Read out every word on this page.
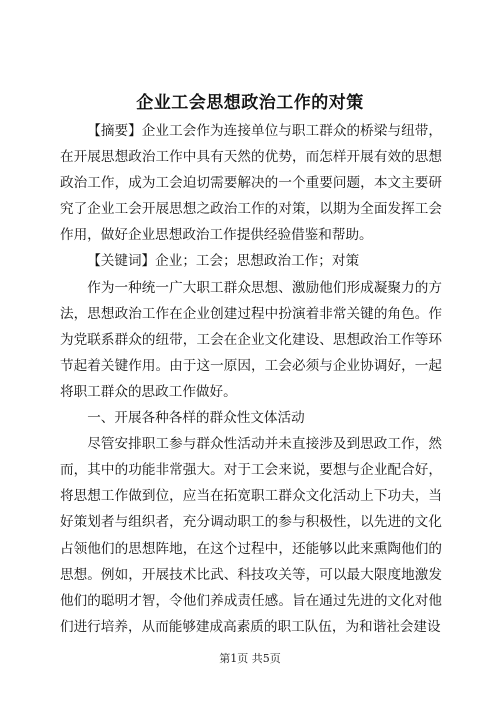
企业工会思想政治工作的对策

【摘要】企业工会作为连接单位与职工群众的桥梁与纽带，在开展思想政治工作中具有天然的优势，而怎样开展有效的思想政治工作，成为工会迫切需要解决的一个重要问题，本文主要研究了企业工会开展思想之政治工作的对策，以期为全面发挥工会作用，做好企业思想政治工作提供经验借鉴和帮助。

【关键词】企业；工会；思想政治工作；对策

作为一种统一广大职工群众思想、激励他们形成凝聚力的方法，思想政治工作在企业创建过程中扮演着非常关键的角色。作为党联系群众的纽带，工会在企业文化建设、思想政治工作等环节起着关键作用。由于这一原因，工会必须与企业协调好，一起将职工群众的思政工作做好。

一、开展各种各样的群众性文体活动

尽管安排职工参与群众性活动并未直接涉及到思政工作，然而，其中的功能非常强大。对于工会来说，要想与企业配合好，将思想工作做到位，应当在拓宽职工群众文化活动上下功夫，当好策划者与组织者，充分调动职工的参与积极性，以先进的文化占领他们的思想阵地，在这个过程中，还能够以此来熏陶他们的思想。例如，开展技术比武、科技攻关等，可以最大限度地激发他们的聪明才智，令他们养成责任感。旨在通过先进的文化对他们进行培养，从而能够建成高素质的职工队伍，为和谐社会建设

第1页 共5页
